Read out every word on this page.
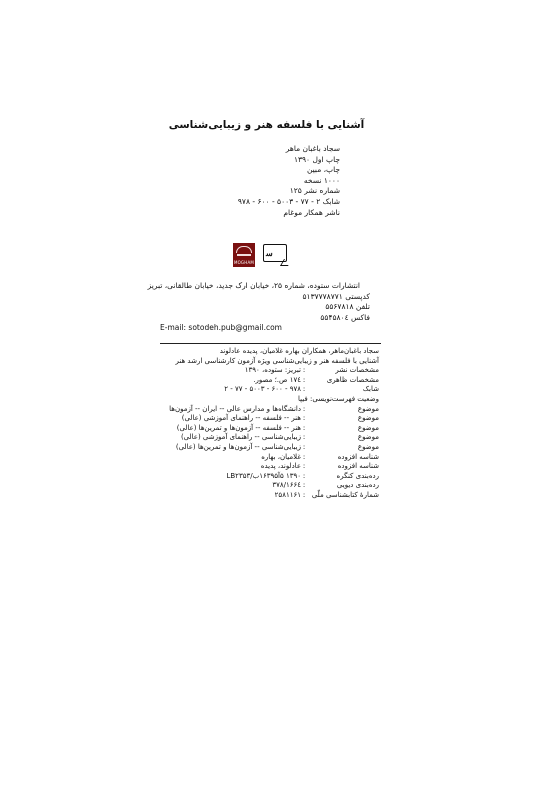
آشنایی با فلسفه هنر و زیبایی‌شناسی
سجاد باغبان ماهر
چاپ اول ۱۳۹۰
چاپ، مبین
۱۰۰۰ نسخه
شماره نشر ۱۲۵
شابک ۲ - ۷۷ - ۵۰۰۳ - ۶۰۰ - ۹۷۸
ناشر همکار موغام
MOGHAM
ﺳ
انتشارات ستوده، شماره ۲۵، خیابان ارک جدید، خیابان طالقانی، تبریز
کدپستی ۵۱۳۷۷۷۸۷۷۱
تلفن ۵۵۶۷۸۱۸
فاکس ۵۵۴۵۸۰٤
E-mail: sotodeh.pub@gmail.com
سجاد باغبان‌ماهر، همکاران بهاره غلامیان، پدیده عادلوند
آشنایی با فلسفه هنر و زیبایی‌شناسی ویژه آزمون کارشناسی ارشد هنر
تبریز: ستوده، ۱۳۹۰ :	مشخصات نشر
۱۷٤ ص.؛ مصور. :	مشخصات ظاهری
۲ - ۷۷ - ۵۰۰۳ - ۶۰۰ - ۹۷۸ :	شابک
وضعیت فهرست‌نویسی: فیپا
دانشگاه‌ها و مدارس عالی -- ایران -- آزمون‌ها :	موضوع
هنر -- فلسفه -- راهنمای آموزشی (عالی) :	موضوع
هنر -- فلسفه -- آزمون‌ها و تمرین‌ها (عالی) :	موضوع
زیبایی‌شناسی -- راهنمای آموزشی (عالی) :	موضوع
زیبایی‌شناسی -- آزمون‌ها و تمرین‌ها (عالی) :	موضوع
غلامیان، بهاره :	شناسه افزوده
عادلوند، پدیده :	شناسه افزوده
۱۳۹۰ ۵آ۱۶۳۹۵ب/LB۲۳۵۳ :	رده‌بندی کنگره
۳۷۸/۱۶۶٤ :	رده‌بندی دیویی
۲۵۸۱۱۶۱ : شمارهٔ کتابشناسی ملّی
